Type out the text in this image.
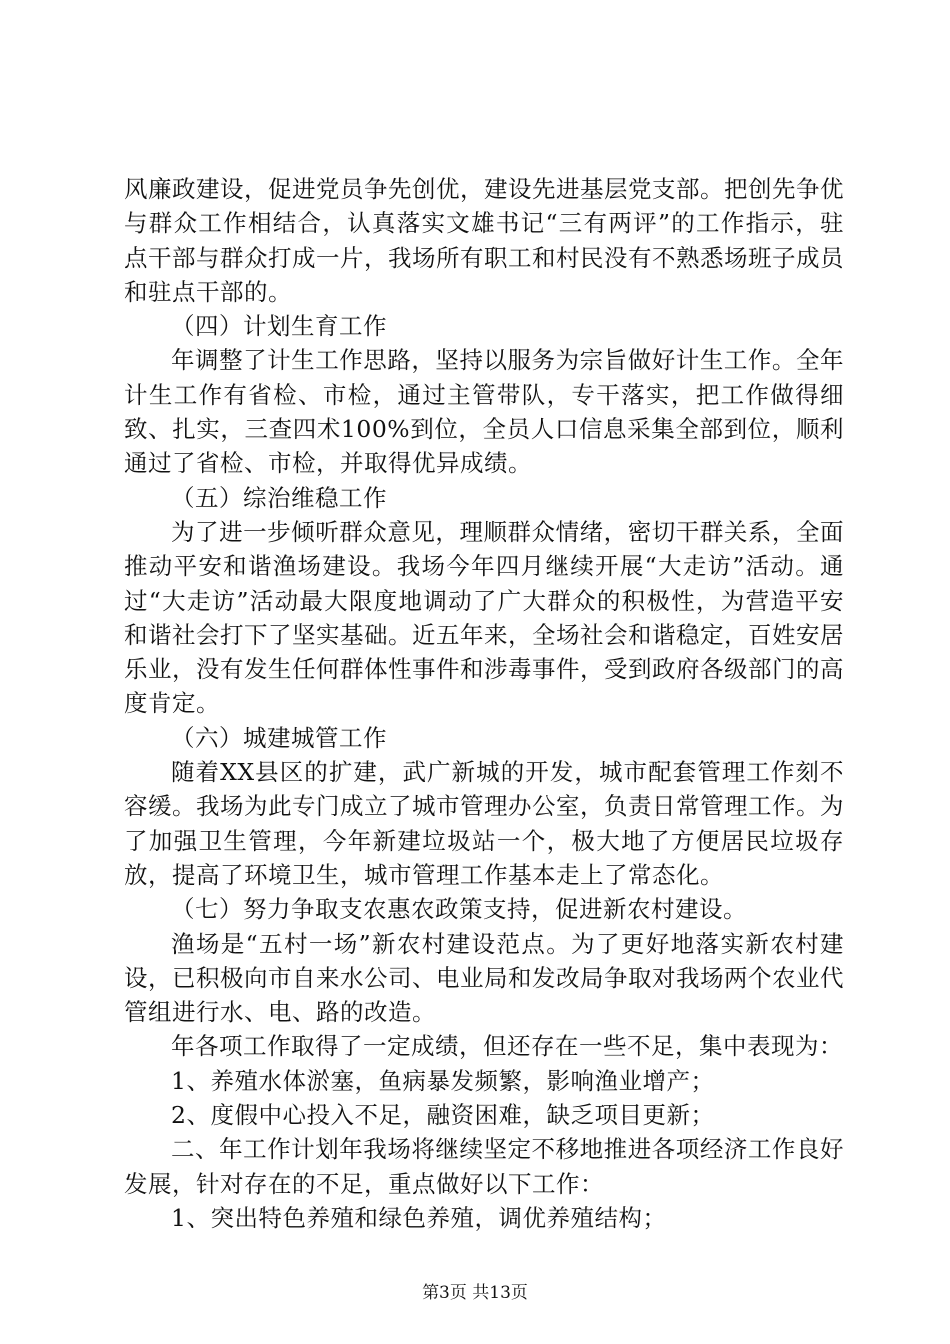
风廉政建设，促进党员争先创优，建设先进基层党支部。把创先争优与群众工作相结合，认真落实文雄书记“三有两评”的工作指示，驻点干部与群众打成一片，我场所有职工和村民没有不熟悉场班子成员和驻点干部的。

（四）计划生育工作

年调整了计生工作思路，坚持以服务为宗旨做好计生工作。全年计生工作有省检、市检，通过主管带队，专干落实，把工作做得细致、扎实，三查四术100%到位，全员人口信息采集全部到位，顺利通过了省检、市检，并取得优异成绩。

（五）综治维稳工作

为了进一步倾听群众意见，理顺群众情绪，密切干群关系，全面推动平安和谐渔场建设。我场今年四月继续开展“大走访”活动。通过“大走访”活动最大限度地调动了广大群众的积极性，为营造平安和谐社会打下了坚实基础。近五年来，全场社会和谐稳定，百姓安居乐业，没有发生任何群体性事件和涉毒事件，受到政府各级部门的高度肯定。

（六）城建城管工作

随着XX县区的扩建，武广新城的开发，城市配套管理工作刻不容缓。我场为此专门成立了城市管理办公室，负责日常管理工作。为了加强卫生管理，今年新建垃圾站一个，极大地了方便居民垃圾存放，提高了环境卫生，城市管理工作基本走上了常态化。

（七）努力争取支农惠农政策支持，促进新农村建设。

渔场是“五村一场”新农村建设范点。为了更好地落实新农村建设，已积极向市自来水公司、电业局和发改局争取对我场两个农业代管组进行水、电、路的改造。

年各项工作取得了一定成绩，但还存在一些不足，集中表现为：

1、养殖水体淤塞，鱼病暴发频繁，影响渔业增产；

2、度假中心投入不足，融资困难，缺乏项目更新；

二、年工作计划年我场将继续坚定不移地推进各项经济工作良好发展，针对存在的不足，重点做好以下工作：

1、突出特色养殖和绿色养殖，调优养殖结构；

第3页 共13页
